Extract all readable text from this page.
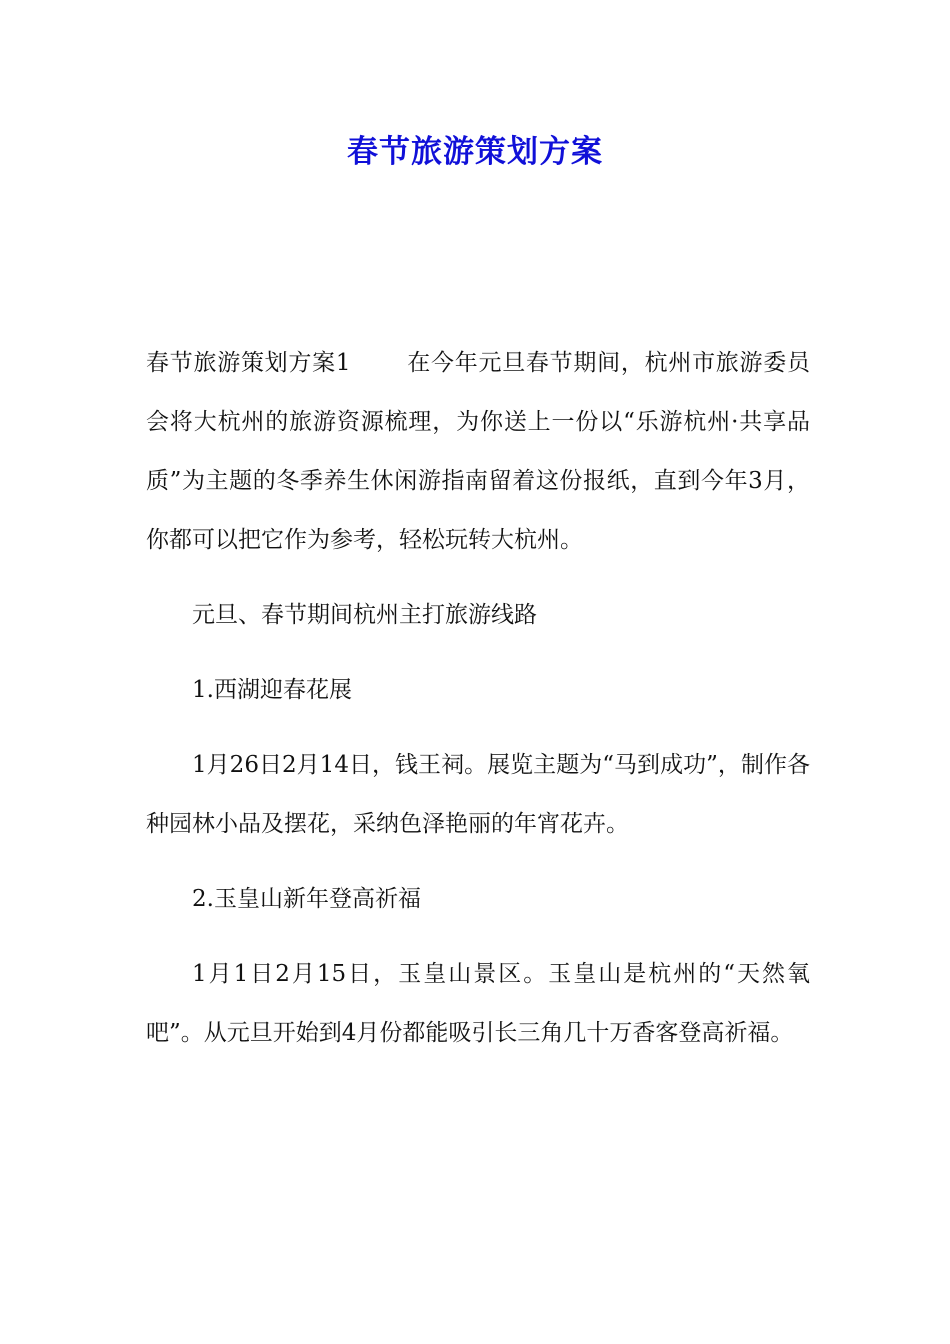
春节旅游策划方案

春节旅游策划方案1 在今年元旦春节期间，杭州市旅游委员会将大杭州的旅游资源梳理，为你送上一份以“乐游杭州·共享品质”为主题的冬季养生休闲游指南留着这份报纸，直到今年3月，你都可以把它作为参考，轻松玩转大杭州。

元旦、春节期间杭州主打旅游线路

1.西湖迎春花展

1月26日2月14日，钱王祠。展览主题为“马到成功”，制作各种园林小品及摆花，采纳色泽艳丽的年宵花卉。

2.玉皇山新年登高祈福

1月1日2月15日，玉皇山景区。玉皇山是杭州的“天然氧吧”。从元旦开始到4月份都能吸引长三角几十万香客登高祈福。
